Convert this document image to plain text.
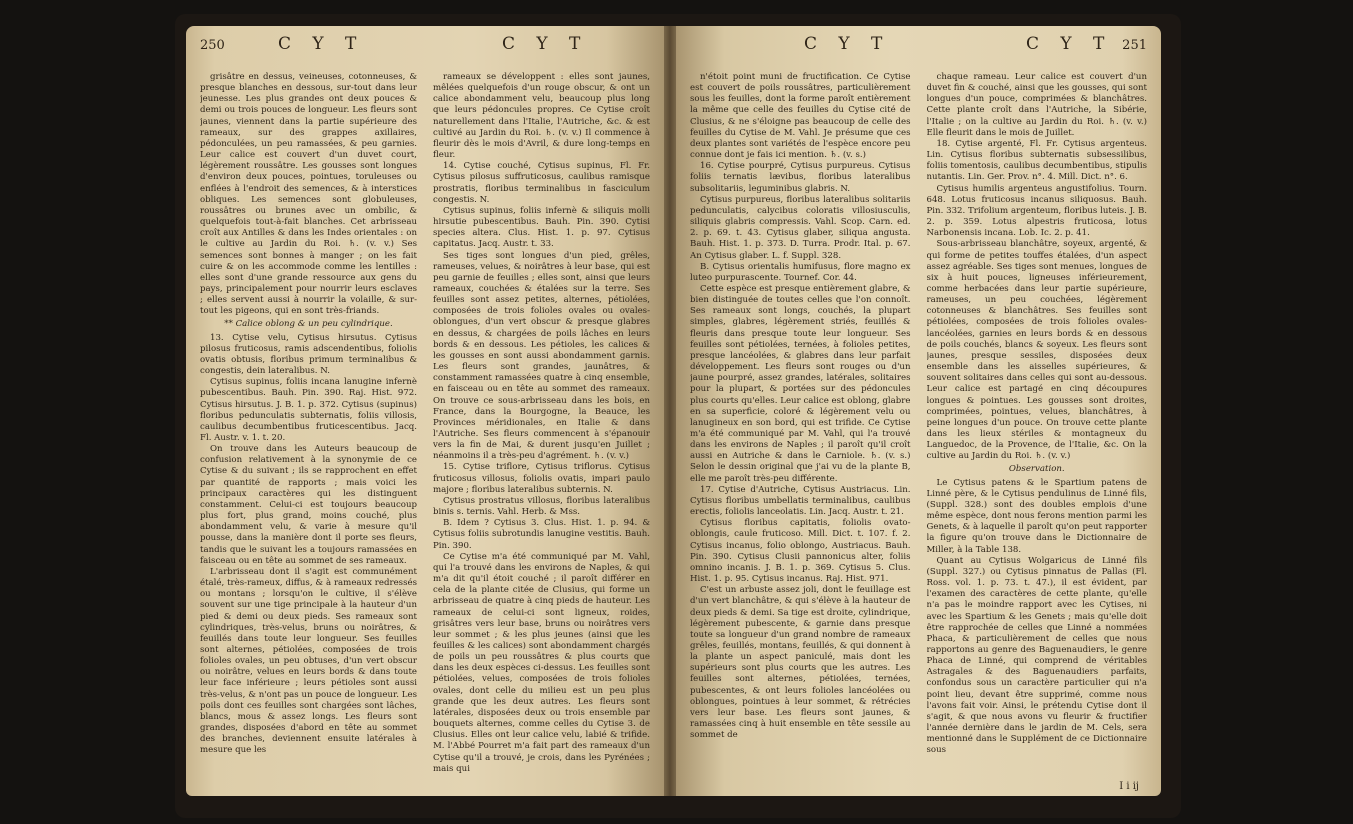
250	C Y T	C Y T

grisâtre en dessus, veineuses, cotonneuses, & presque blanches en dessous, sur-tout dans leur jeunesse. Les plus grandes ont deux pouces & demi ou trois pouces de longueur. Les fleurs sont jaunes, viennent dans la partie supérieure des rameaux, sur des grappes axillaires, pédonculées, un peu ramassées, & peu garnies. Leur calice est couvert d'un duvet court, légèrement roussâtre. Les gousses sont longues d'environ deux pouces, pointues, toruleuses ou enflées à l'endroit des semences, & à interstices obliques. Les semences sont globuleuses, roussâtres ou brunes avec un ombilic, & quelquefois tout-à-fait blanches. Cet arbrisseau croît aux Antilles & dans les Indes orientales : on le cultive au Jardin du Roi. ♄. (v. v.) Ses semences sont bonnes à manger ; on les fait cuire & on les accommode comme les lentilles : elles sont d'une grande ressource aux gens du pays, principalement pour nourrir leurs esclaves ; elles servent aussi à nourrir la volaille, & sur-tout les pigeons, qui en sont très-friands.

** Calice oblong & un peu cylindrique.

13. Cytise velu, Cytisus hirsutus. Cytisus pilosus fruticosus, ramis adscendentibus, foliolis ovatis obtusis, floribus primum terminalibus & congestis, dein lateralibus. N.

Cytisus supinus, foliis incana lanugine infernè pubescentibus. Bauh. Pin. 390. Raj. Hist. 972. Cytisus hirsutus. J. B. 1. p. 372. Cytisus (supinus) floribus pedunculatis subternatis, foliis villosis, caulibus decumbentibus fruticescentibus. Jacq. Fl. Austr. v. 1. t. 20.

On trouve dans les Auteurs beaucoup de confusion relativement à la synonymie de ce Cytise & du suivant ; ils se rapprochent en effet par quantité de rapports ; mais voici les principaux caractères qui les distinguent constamment. Celui-ci est toujours beaucoup plus fort, plus grand, moins couché, plus abondamment velu, & varie à mesure qu'il pousse, dans la manière dont il porte ses fleurs, tandis que le suivant les a toujours ramassées en faisceau ou en tête au sommet de ses rameaux.

L'arbrisseau dont il s'agit est communément étalé, très-rameux, diffus, & à rameaux redressés ou montans ; lorsqu'on le cultive, il s'élève souvent sur une tige principale à la hauteur d'un pied & demi ou deux pieds. Ses rameaux sont cylindriques, très-velus, bruns ou noirâtres, & feuillés dans toute leur longueur. Ses feuilles sont alternes, pétiolées, composées de trois folioles ovales, un peu obtuses, d'un vert obscur ou noirâtre, velues en leurs bords & dans toute leur face inférieure ; leurs pétioles sont aussi très-velus, & n'ont pas un pouce de longueur. Les poils dont ces feuilles sont chargées sont lâches, blancs, mous & assez longs. Les fleurs sont grandes, disposées d'abord en tête au sommet des branches, deviennent ensuite latérales à mesure que les

rameaux se développent : elles sont jaunes, mêlées quelquefois d'un rouge obscur, & ont un calice abondamment velu, beaucoup plus long que leurs pédoncules propres. Ce Cytise croît naturellement dans l'Italie, l'Autriche, &c. & est cultivé au Jardin du Roi. ♄. (v. v.) Il commence à fleurir dès le mois d'Avril, & dure long-temps en fleur.

14. Cytise couché, Cytisus supinus, Fl. Fr. Cytisus pilosus suffruticosus, caulibus ramisque prostratis, floribus terminalibus in fasciculum congestis. N.

Cytisus supinus, foliis infernè & siliquis molli hirsutie pubescentibus. Bauh. Pin. 390. Cytisi species altera. Clus. Hist. 1. p. 97. Cytisus capitatus. Jacq. Austr. t. 33.

Ses tiges sont longues d'un pied, grêles, rameuses, velues, & noirâtres à leur base, qui est peu garnie de feuilles ; elles sont, ainsi que leurs rameaux, couchées & étalées sur la terre. Ses feuilles sont assez petites, alternes, pétiolées, composées de trois folioles ovales ou ovales-oblongues, d'un vert obscur & presque glabres en dessus, & chargées de poils lâches en leurs bords & en dessous. Les pétioles, les calices & les gousses en sont aussi abondamment garnis. Les fleurs sont grandes, jaunâtres, & constamment ramassées quatre à cinq ensemble, en faisceau ou en tête au sommet des rameaux. On trouve ce sous-arbrisseau dans les bois, en France, dans la Bourgogne, la Beauce, les Provinces méridionales, en Italie & dans l'Autriche. Ses fleurs commencent à s'épanouir vers la fin de Mai, & durent jusqu'en Juillet ; néanmoins il a très-peu d'agrément. ♄. (v. v.)

15. Cytise triflore, Cytisus triflorus. Cytisus fruticosus villosus, foliolis ovatis, impari paulo majore ; floribus lateralibus subternis. N.

Cytisus prostratus villosus, floribus lateralibus binis s. ternis. Vahl. Herb. & Mss.

B. Idem ? Cytisus 3. Clus. Hist. 1. p. 94. & Cytisus foliis subrotundis lanugine vestitis. Bauh. Pin. 390.

Ce Cytise m'a été communiqué par M. Vahl, qui l'a trouvé dans les environs de Naples, & qui m'a dit qu'il étoit couché ; il paroît différer en cela de la plante citée de Clusius, qui forme un arbrisseau de quatre à cinq pieds de hauteur. Les rameaux de celui-ci sont ligneux, roides, grisâtres vers leur base, bruns ou noirâtres vers leur sommet ; & les plus jeunes (ainsi que les feuilles & les calices) sont abondamment chargés de poils un peu roussâtres & plus courts que dans les deux espèces ci-dessus. Les feuilles sont pétiolées, velues, composées de trois folioles ovales, dont celle du milieu est un peu plus grande que les deux autres. Les fleurs sont latérales, disposées deux ou trois ensemble par bouquets alternes, comme celles du Cytise 3. de Clusius. Elles ont leur calice velu, labié & trifide. M. l'Abbé Pourret m'a fait part des rameaux d'un Cytise qu'il a trouvé, je crois, dans les Pyrénées ; mais qui

C Y T	C Y T 251

n'étoit point muni de fructification. Ce Cytise est couvert de poils roussâtres, particulièrement sous les feuilles, dont la forme paroît entièrement la même que celle des feuilles du Cytise cité de Clusius, & ne s'éloigne pas beaucoup de celle des feuilles du Cytise de M. Vahl. Je présume que ces deux plantes sont variétés de l'espèce encore peu connue dont je fais ici mention. ♄. (v. s.)

16. Cytise pourpré, Cytisus purpureus. Cytisus foliis ternatis lævibus, floribus lateralibus subsolitariis, leguminibus glabris. N.

Cytisus purpureus, floribus lateralibus solitariis pedunculatis, calycibus coloratis villosiusculis, siliquis glabris compressis. Vahl. Scop. Carn. ed. 2. p. 69. t. 43. Cytisus glaber, siliqua angusta. Bauh. Hist. 1. p. 373. D. Turra. Prodr. Ital. p. 67. An Cytisus glaber. L. f. Suppl. 328.

B. Cytisus orientalis humifusus, flore magno ex luteo purpurascente. Tournef. Cor. 44.

Cette espèce est presque entièrement glabre, & bien distinguée de toutes celles que l'on connoît. Ses rameaux sont longs, couchés, la plupart simples, glabres, légèrement striés, feuillés & fleuris dans presque toute leur longueur. Ses feuilles sont pétiolées, ternées, à folioles petites, presque lancéolées, & glabres dans leur parfait développement. Les fleurs sont rouges ou d'un jaune pourpré, assez grandes, latérales, solitaires pour la plupart, & portées sur des pédoncules plus courts qu'elles. Leur calice est oblong, glabre en sa superficie, coloré & légèrement velu ou lanugineux en son bord, qui est trifide. Ce Cytise m'a été communiqué par M. Vahl, qui l'a trouvé dans les environs de Naples ; il paroît qu'il croît aussi en Autriche & dans le Carniole. ♄. (v. s.) Selon le dessin original que j'ai vu de la plante B, elle me paroît très-peu différente.

17. Cytise d'Autriche, Cytisus Austriacus. Lin. Cytisus floribus umbellatis terminalibus, caulibus erectis, foliolis lanceolatis. Lin. Jacq. Austr. t. 21.

Cytisus floribus capitatis, foliolis ovato-oblongis, caule fruticoso. Mill. Dict. t. 107. f. 2. Cytisus incanus, folio oblongo, Austriacus. Bauh. Pin. 390. Cytisus Clusii pannonicus alter, foliis omnino incanis. J. B. 1. p. 369. Cytisus 5. Clus. Hist. 1. p. 95. Cytisus incanus. Raj. Hist. 971.

C'est un arbuste assez joli, dont le feuillage est d'un vert blanchâtre, & qui s'élève à la hauteur de deux pieds & demi. Sa tige est droite, cylindrique, légèrement pubescente, & garnie dans presque toute sa longueur d'un grand nombre de rameaux grêles, feuillés, montans, feuillés, & qui donnent à la plante un aspect paniculé, mais dont les supérieurs sont plus courts que les autres. Les feuilles sont alternes, pétiolées, ternées, pubescentes, & ont leurs folioles lancéolées ou oblongues, pointues à leur sommet, & rétrécies vers leur base. Les fleurs sont jaunes, & ramassées cinq à huit ensemble en tête sessile au sommet de

chaque rameau. Leur calice est couvert d'un duvet fin & couché, ainsi que les gousses, qui sont longues d'un pouce, comprimées & blanchâtres. Cette plante croît dans l'Autriche, la Sibérie, l'Italie ; on la cultive au Jardin du Roi. ♄. (v. v.) Elle fleurit dans le mois de Juillet.

18. Cytise argenté, Fl. Fr. Cytisus argenteus. Lin. Cytisus floribus subternatis subsessilibus, foliis tomentosis, caulibus decumbentibus, stipulis nutantis. Lin. Ger. Prov. n°. 4. Mill. Dict. n°. 6.

Cytisus humilis argenteus angustifolius. Tourn. 648. Lotus fruticosus incanus siliquosus. Bauh. Pin. 332. Trifolium argenteum, floribus luteis. J. B. 2. p. 359. Lotus alpestris fruticosa, lotus Narbonensis incana. Lob. Ic. 2. p. 41.

Sous-arbrisseau blanchâtre, soyeux, argenté, & qui forme de petites touffes étalées, d'un aspect assez agréable. Ses tiges sont menues, longues de six à huit pouces, ligneuses inférieurement, comme herbacées dans leur partie supérieure, rameuses, un peu couchées, légèrement cotonneuses & blanchâtres. Ses feuilles sont pétiolées, composées de trois folioles ovales-lancéolées, garnies en leurs bords & en dessous de poils couchés, blancs & soyeux. Les fleurs sont jaunes, presque sessiles, disposées deux ensemble dans les aisselles supérieures, & souvent solitaires dans celles qui sont au-dessous. Leur calice est partagé en cinq découpures longues & pointues. Les gousses sont droites, comprimées, pointues, velues, blanchâtres, à peine longues d'un pouce. On trouve cette plante dans les lieux stériles & montagneux du Languedoc, de la Provence, de l'Italie, &c. On la cultive au Jardin du Roi. ♄. (v. v.)

Observation.

Le Cytisus patens & le Spartium patens de Linné père, & le Cytisus pendulinus de Linné fils, (Suppl. 328.) sont des doubles emplois d'une même espèce, dont nous ferons mention parmi les Genets, & à laquelle il paroît qu'on peut rapporter la figure qu'on trouve dans le Dictionnaire de Miller, à la Table 138.

Quant au Cytisus Wolgaricus de Linné fils (Suppl. 327.) ou Cytisus pinnatus de Pallas (Fl. Ross. vol. 1. p. 73. t. 47.), il est évident, par l'examen des caractères de cette plante, qu'elle n'a pas le moindre rapport avec les Cytises, ni avec les Spartium & les Genets ; mais qu'elle doit être rapprochée de celles que Linné a nommées Phaca, & particulièrement de celles que nous rapportons au genre des Baguenaudiers, le genre Phaca de Linné, qui comprend de véritables Astragales & des Baguenaudiers parfaits, confondus sous un caractère particulier qui n'a point lieu, devant être supprimé, comme nous l'avons fait voir. Ainsi, le prétendu Cytise dont il s'agit, & que nous avons vu fleurir & fructifier l'année dernière dans le jardin de M. Cels, sera mentionné dans le Supplément de ce Dictionnaire sous

I i ij
